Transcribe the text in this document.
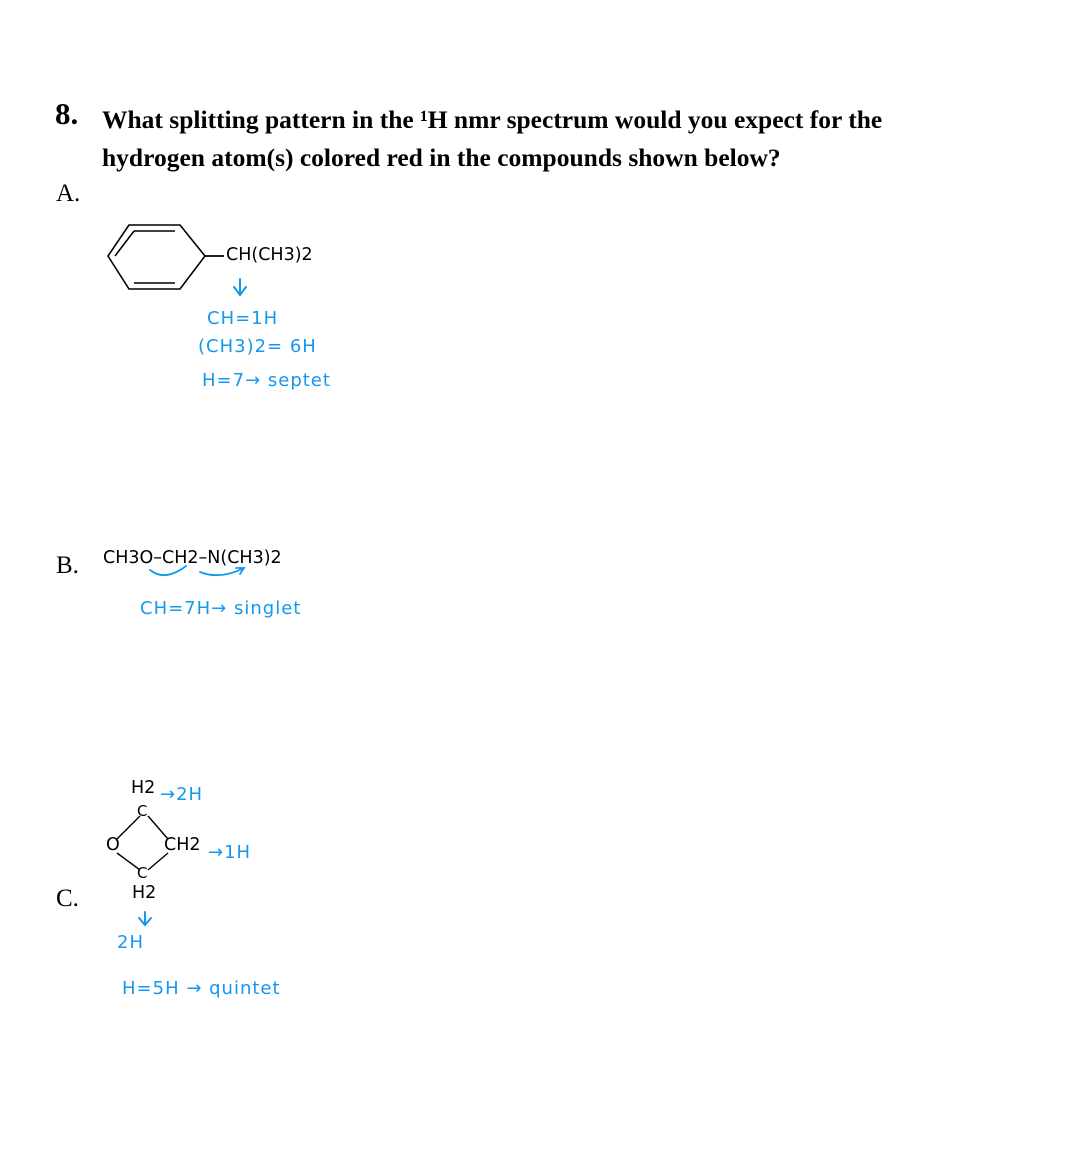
8. What splitting pattern in the ¹H nmr spectrum would you expect for the
hydrogen atom(s) colored red in the compounds shown below?
A.
B.
C.
CH(CH3)2
CH=1H
(CH3)2= 6H
H=7→ septet
CH3O–CH2–N(CH3)2
CH=7H→ singlet
H2 →2H
C
O	CH2 →1H
C
H2
2H
H=5H → quintet
